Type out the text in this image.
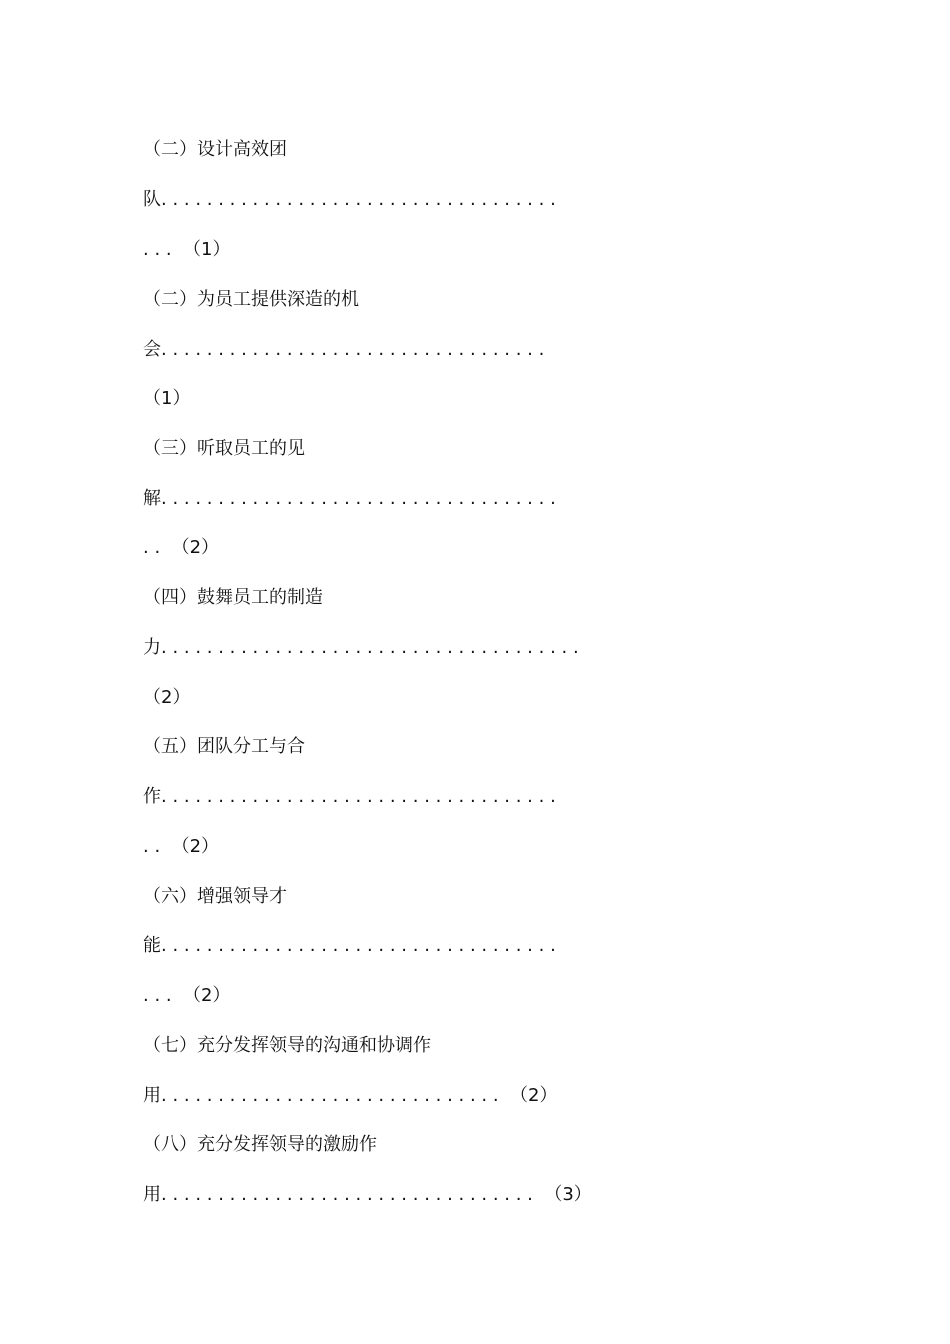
（二）设计高效团
队. . . . . . . . . . . . . . . . . . . . . . . . . . . . . . . . . . .
. . .  （1）
（二）为员工提供深造的机
会. . . . . . . . . . . . . . . . . . . . . . . . . . . . . . . . . .
（1）
（三）听取员工的见
解. . . . . . . . . . . . . . . . . . . . . . . . . . . . . . . . . . .
. .  （2）
（四）鼓舞员工的制造
力. . . . . . . . . . . . . . . . . . . . . . . . . . . . . . . . . . . . .
（2）
（五）团队分工与合
作. . . . . . . . . . . . . . . . . . . . . . . . . . . . . . . . . . .
. .  （2）
（六）增强领导才
能. . . . . . . . . . . . . . . . . . . . . . . . . . . . . . . . . . .
. . .  （2）
（七）充分发挥领导的沟通和协调作
用. . . . . . . . . . . . . . . . . . . . . . . . . . . . . .  （2）
（八）充分发挥领导的激励作
用. . . . . . . . . . . . . . . . . . . . . . . . . . . . . . . . .  （3）
